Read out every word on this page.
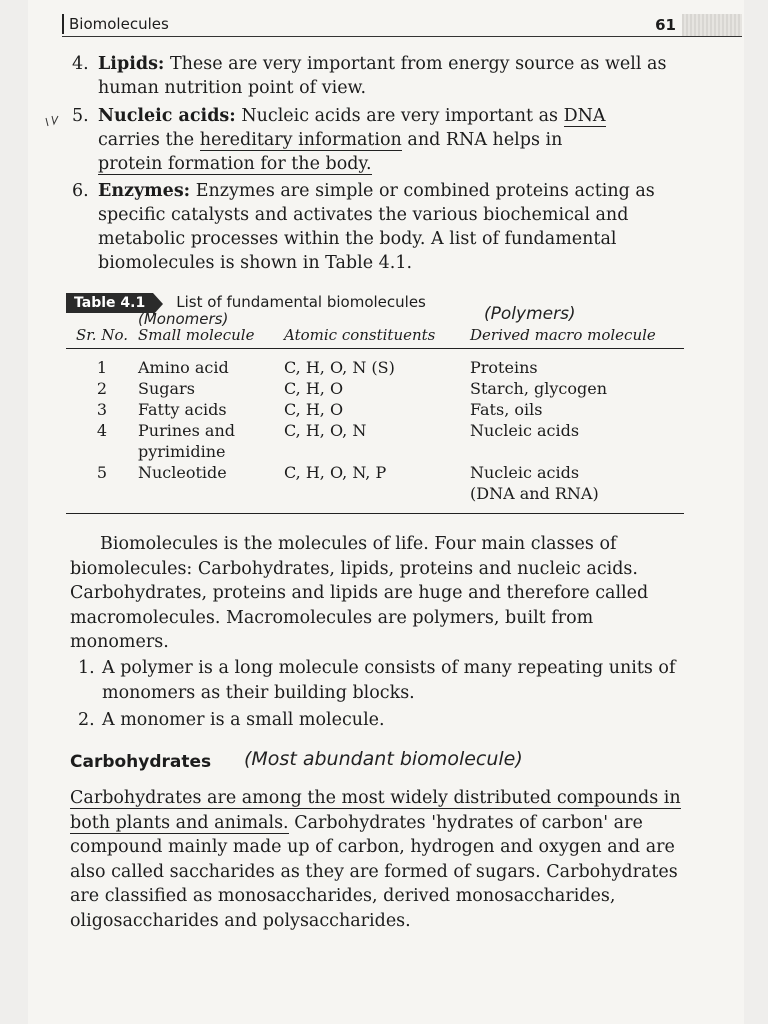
Biomolecules	61
4. Lipids: These are very important from energy source as well as human nutrition point of view.
5. Nucleic acids: Nucleic acids are very important as DNA
carries the hereditary information and RNA helps in
protein formation for the body.
6. Enzymes: Enzymes are simple or combined proteins acting as specific catalysts and activates the various biochemical and metabolic processes within the body. A list of fundamental biomolecules is shown in Table 4.1.
Table 4.1 List of fundamental biomolecules
(Monomers)	(Polymers)
Sr. No.	Small molecule	Atomic constituents	Derived macro molecule

1	Amino acid	C, H, O, N (S)	Proteins
2	Sugars	C, H, O	Starch, glycogen
3	Fatty acids	C, H, O	Fats, oils
4	Purines and
pyrimidine	C, H, O, N	Nucleic acids
5	Nucleotide	C, H, O, N, P	Nucleic acids
(DNA and RNA)
Biomolecules is the molecules of life. Four main classes of biomolecules: Carbohydrates, lipids, proteins and nucleic acids. Carbohydrates, proteins and lipids are huge and therefore called macromolecules. Macromolecules are polymers, built from monomers.
1. A polymer is a long molecule consists of many repeating units of monomers as their building blocks.
2. A monomer is a small molecule.
Carbohydrates (Most abundant biomolecule)
Carbohydrates are among the most widely distributed compounds in both plants and animals. Carbohydrates 'hydrates of carbon' are compound mainly made up of carbon, hydrogen and oxygen and are also called saccharides as they are formed of sugars. Carbohydrates are classified as monosaccharides, derived monosaccharides, oligosaccharides and polysaccharides.
